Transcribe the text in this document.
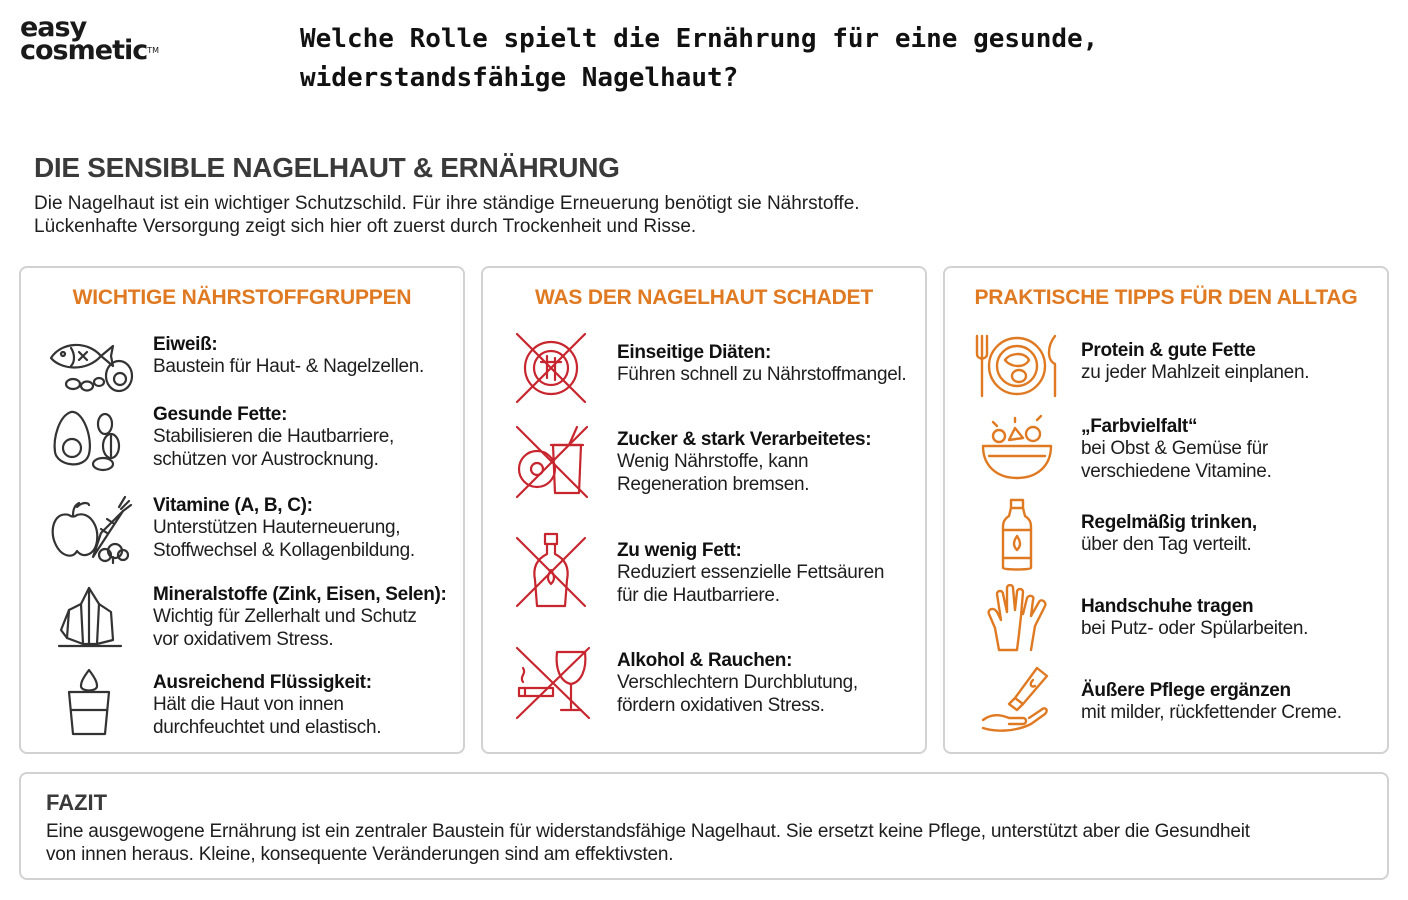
easy
cosmetic™	Welche Rolle spielt die Ernährung für eine gesunde, widerstandsfähige Nagelhaut?
DIE SENSIBLE NAGELHAUT & ERNÄHRUNG
Die Nagelhaut ist ein wichtiger Schutzschild. Für ihre ständige Erneuerung benötigt sie Nährstoffe.
Lückenhafte Versorgung zeigt sich hier oft zuerst durch Trockenheit und Risse.
WICHTIGE NÄHRSTOFFGRUPPEN
Eiweiß:
Baustein für Haut- & Nagelzellen.
Gesunde Fette:
Stabilisieren die Hautbarriere,
schützen vor Austrocknung.
Vitamine (A, B, C):
Unterstützen Hauterneuerung,
Stoffwechsel & Kollagenbildung.
Mineralstoffe (Zink, Eisen, Selen):
Wichtig für Zellerhalt und Schutz
vor oxidativem Stress.
Ausreichend Flüssigkeit:
Hält die Haut von innen
durchfeuchtet und elastisch.
WAS DER NAGELHAUT SCHADET
Einseitige Diäten:
Führen schnell zu Nährstoffmangel.
Zucker & stark Verarbeitetes:
Wenig Nährstoffe, kann
Regeneration bremsen.
Zu wenig Fett:
Reduziert essenzielle Fettsäuren
für die Hautbarriere.
Alkohol & Rauchen:
Verschlechtern Durchblutung,
fördern oxidativen Stress.
PRAKTISCHE TIPPS FÜR DEN ALLTAG
Protein & gute Fette
zu jeder Mahlzeit einplanen.
„Farbvielfalt“
bei Obst & Gemüse für
verschiedene Vitamine.
Regelmäßig trinken,
über den Tag verteilt.
Handschuhe tragen
bei Putz- oder Spülarbeiten.
Äußere Pflege ergänzen
mit milder, rückfettender Creme.
FAZIT
Eine ausgewogene Ernährung ist ein zentraler Baustein für widerstandsfähige Nagelhaut. Sie ersetzt keine Pflege, unterstützt aber die Gesundheit
von innen heraus. Kleine, konsequente Veränderungen sind am effektivsten.
